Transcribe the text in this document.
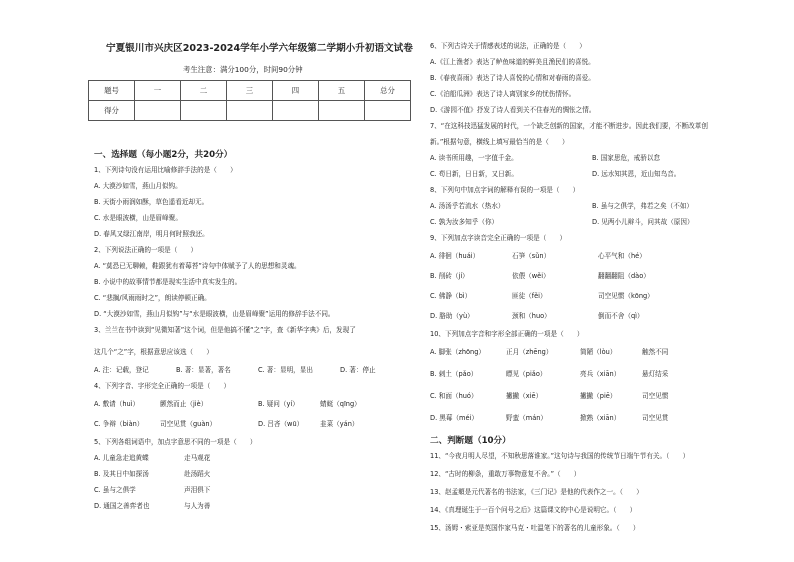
宁夏银川市兴庆区2023-2024学年小学六年级第二学期小升初语文试卷
考生注意：满分100分，时间90分钟
题号	一	二	三	四	五	总分
得分						
一、选择题（每小题2分，共20分）
1、下列诗句没有运用比喻修辞手法的是（　　）
A. 大漠沙如雪，燕山月似钩。
B. 天街小雨润如酥，草色遥看近却无。
C. 水是眼波横，山是眉峰聚。
D. 春风又绿江南岸，明月何时照我还。
2、下列说法正确的一项是（　　）
A. “莫恐已无聊赖，鞋跟犹有着莓苔”诗句中体赋予了人的思想和灵魂。
B. 小说中的故事情节都是现实生活中真实发生的。
C. “悲搁/风雨雨时之”，朗读停顿正确。
D. “大漠沙如雪，燕山月似钩”与“水是眼波横，山是眉峰聚”运用的修辞手法不同。
3、兰兰在书中读到“见微知著”这个词，但是他搞不懂“之”字，查《新华字典》后，发现了
这几个“之”字，根据意思应该选（　　）
A. 注：记载，登记	B. 著：显著，著名	C. 著：显明，显出	D. 著：停止
4、下列字音、字形完全正确的一项是（　　）
A. 敷请（huì）	颤然而止（jiè）	B. 疑问（yí）	蜻蜓（qīng）
C. 争辩（biàn）	司空见贯（guàn）	D. 吕吝（wū）	韭菜（yán）
5、下列各组词语中，加点字意思不同的一项是（　　）
A. 儿童急走追黄蝶	走马观花
B. 及其日中如探汤	赴汤蹈火
C. 虽与之俱学	声泪俱下
D. 通国之善弈者也	与人为善
6、下列古诗关于情感表述的说法，正确的是（　　）
A.《江上渔者》表达了鲈鱼味道的鲜美且渔民们的喜悦。
B.《春夜喜雨》表达了诗人喜悦的心情和对春雨的喜爱。
C.《泊船瓜洲》表达了诗人离别家乡的忧伤情怀。
D.《游园不值》抒发了诗人看到关不住春光的惆怅之情。
7、“在这科技迅猛发展的时代，一个缺乏创新的国家，才能不断进步。因此我们要，不断改革创
新。”根据句意，横线上填写最恰当的是（　　）
A. 读书所用趣，一字值千金。	B. 国家思危，戒骄以怠
C. 苟日新，日日新，又日新。	D. 远水知其恩，近山知鸟音。
8、下列句中加点字词的解释有误的一项是（　　）
A. 汤汤乎若流水（热水）	B. 虽与之俱学，弗若之矣（不如）
C. 孰为汝多知乎（你）	D. 见两小儿辩斗，问其故（原因）
9、下列加点字读音完全正确的一项是（　　）
A. 徘徊（huái）	石笋（sǔn）	心平气和（hé）
B. 削砖（jí）	依偎（wěi）	翻翻翻阻（dào）
C. 佛静（bì）	匪徒（fěi）	司空见惯（kōng）
D. 胳助（yù）	颈和（huo）	倒而不舍（qì）
10、下列加点字音和字形全部正确的一项是（　　）
A. 脚张（zhōng）	正月（zhēng）	简陋（lòu）	触然不同
B. 刺土（pǎo）	瞟见（piǎo）	亮兵（xiān）	悬灯结采
C. 和面（huó）	撇撇（xiē）	撇撇（piē）	司空见惯
D. 黑莓（méi）	野蛮（mán）	掀熟（xiān）	司空见贯
二、判断题（10分）
11、“今夜月明人尽望，不知秋思落谁家。”这句诗与我国的传统节日端午节有关。（　　）
12、“古时的柳条，重敢万事物意复不舍。”（　　）
13、赵孟頫是元代著名的书法家，《三门记》是他的代表作之一。（　　）
14、《真理诞生于一百个问号之后》这篇课文的中心是说明它。（　　）
15、汤姆・索亚是英国作家马克・吐温笔下的著名的儿童形象。（　　）
